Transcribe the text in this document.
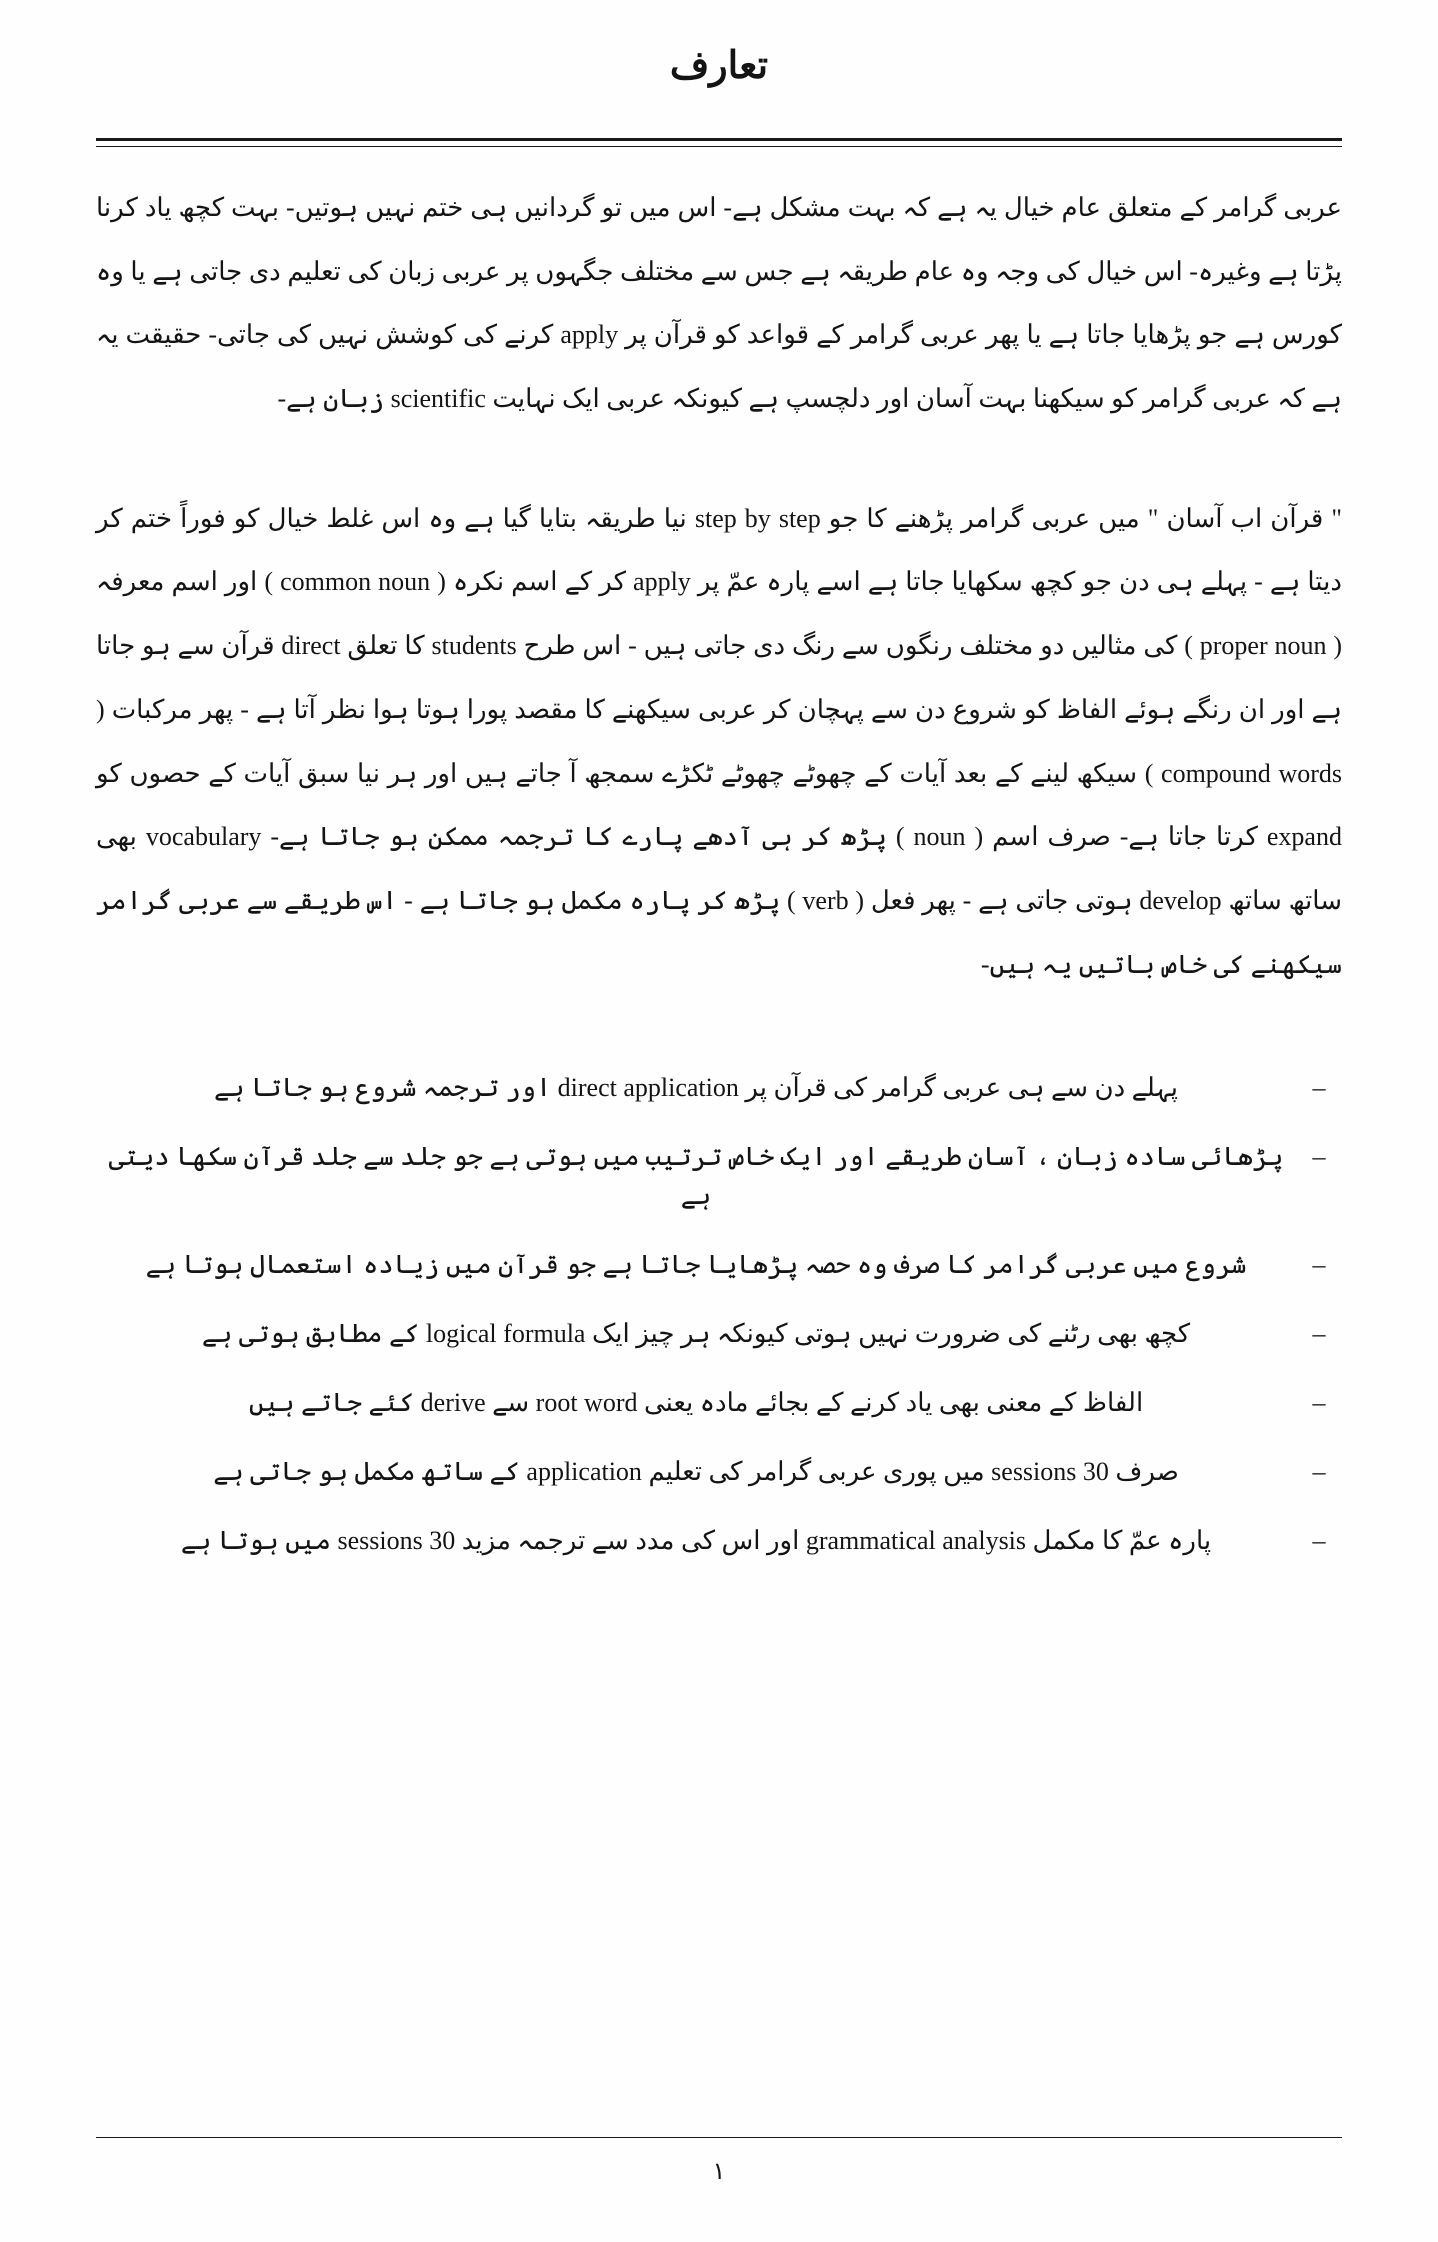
تعارف

عربی گرامر کے متعلق عام خیال یہ ہے کہ بہت مشکل ہے- اس میں تو گردانیں ہی ختم نہیں ہوتیں- بہت کچھ یاد کرنا پڑتا ہے وغیرہ- اس خیال کی وجہ وہ عام طریقہ ہے جس سے مختلف جگہوں پر عربی زبان کی تعلیم دی جاتی ہے یا وہ کورس ہے جو پڑھایا جاتا ہے یا پھر عربی گرامر کے قواعد کو قرآن پر apply کرنے کی کوشش نہیں کی جاتی- حقیقت یہ ہے کہ عربی گرامر کو سیکھنا بہت آسان اور دلچسپ ہے کیونکہ عربی ایک نہایت scientific زبان ہے-

" قرآن اب آسان " میں عربی گرامر پڑھنے کا جو step by step نیا طریقہ بتایا گیا ہے وہ اس غلط خیال کو فوراً ختم کر دیتا ہے - پہلے ہی دن جو کچھ سکھایا جاتا ہے اسے پارہ عمّ پر apply کر کے اسم نکرہ ( common noun ) اور اسم معرفہ ( proper noun ) کی مثالیں دو مختلف رنگوں سے رنگ دی جاتی ہیں - اس طرح students کا تعلق direct قرآن سے ہو جاتا ہے اور ان رنگے ہوئے الفاظ کو شروع دن سے پہچان کر عربی سیکھنے کا مقصد پورا ہوتا ہوا نظر آتا ہے - پھر مرکبات ( compound words ) سیکھ لینے کے بعد آیات کے چھوٹے چھوٹے ٹکڑے سمجھ آ جاتے ہیں اور ہر نیا سبق آیات کے حصوں کو expand کرتا جاتا ہے- صرف اسم ( noun ) پڑھ کر ہی آدھے پارے کا ترجمہ ممکن ہو جاتا ہے- vocabulary بھی ساتھ ساتھ develop ہوتی جاتی ہے - پھر فعل ( verb ) پڑھ کر پارہ مکمل ہو جاتا ہے - اس طریقے سے عربی گرامر سیکھنے کی خاص باتیں یہ ہیں-

–
پہلے دن سے ہی عربی گرامر کی قرآن پر direct application اور ترجمہ شروع ہو جاتا ہے
–
پڑھائی سادہ زبان ، آسان طریقے اور ایک خاص ترتیب میں ہوتی ہے جو جلد سے جلد قرآن سکھا دیتی ہے
–
شروع میں عربی گرامر کا صرف وہ حصہ پڑھایا جاتا ہے جو قرآن میں زیادہ استعمال ہوتا ہے
–
کچھ بھی رٹنے کی ضرورت نہیں ہوتی کیونکہ ہر چیز ایک logical formula کے مطابق ہوتی ہے
–
الفاظ کے معنی بھی یاد کرنے کے بجائے مادہ یعنی root word سے derive کئے جاتے ہیں
–
صرف 30 sessions میں پوری عربی گرامر کی تعلیم application کے ساتھ مکمل ہو جاتی ہے
–
پارہ عمّ کا مکمل grammatical analysis اور اس کی مدد سے ترجمہ مزید 30 sessions میں ہوتا ہے
۱
